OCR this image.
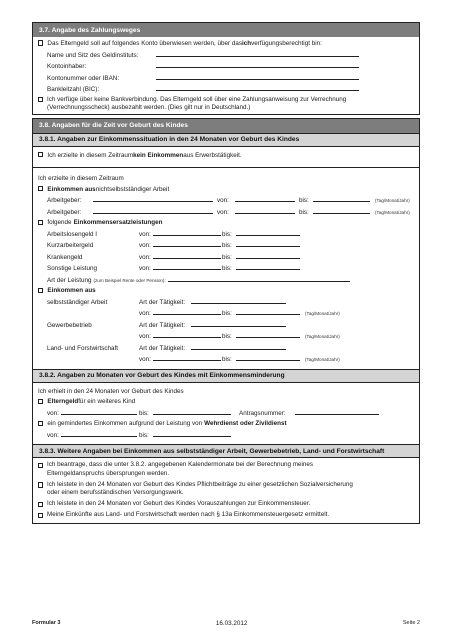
3.7. Angabe des Zahlungsweges
Das Elterngeld soll auf folgendes Konto überwiesen werden, über das ich verfügungsberechtigt bin:
Name und Sitz des Geldinstituts:
Kontoinhaber:
Kontonummer oder IBAN:
Bankleitzahl (BIC):
Ich verfüge über keine Bankverbindung. Das Elterngeld soll über eine Zahlungsanweisung zur Verrechnung
(Verrechnungsscheck) ausbezahlt werden. (Dies gilt nur in Deutschland.)
3.8. Angaben für die Zeit vor Geburt des Kindes
3.8.1. Angaben zur Einkommenssituation in den 24 Monaten vor Geburt des Kindes
Ich erzielte in diesem Zeitraum kein Einkommen aus Erwerbstätigkeit.
Ich erzielte in diesem Zeitraum
Einkommen aus nichtselbstständiger Arbeit
Arbeitgeber:	von:	bis:	(Tag/Monat/Jahr)
Arbeitgeber:	von:	bis:	(Tag/Monat/Jahr)
folgende Einkommensersatzleistungen
Arbeitslosengeld I	von:	bis:
Kurzarbeitergeld	von:	bis:
Krankengeld	von:	bis:
Sonstige Leistung	von:	bis:
Art der Leistung (zum Beispiel Rente oder Pension):
Einkommen aus
selbstständiger Arbeit	Art der Tätigkeit:
von:	bis:	(Tag/Monat/Jahr)
Gewerbebetrieb	Art der Tätigkeit:
von:	bis:	(Tag/Monat/Jahr)
Land- und Forstwirtschaft	Art der Tätigkeit:
von:	bis:	(Tag/Monat/Jahr)
3.8.2. Angaben zu Monaten vor Geburt des Kindes mit Einkommensminderung
Ich erhielt in den 24 Monaten vor Geburt des Kindes
Elterngeld für ein weiteres Kind
von:	bis:	Antragsnummer:
ein gemindertes Einkommen aufgrund der Leistung von Wehrdienst oder Zivildienst
von:	bis:
3.8.3. Weitere Angaben bei Einkommen aus selbstständiger Arbeit, Gewerbebetrieb, Land- und Forstwirtschaft
Ich beantrage, dass die unter 3.8.2. angegebenen Kalendermonate bei der Berechnung meines
Elterngeldanspruchs übersprungen werden.
Ich leistete in den 24 Monaten vor Geburt des Kindes Pflichtbeiträge zu einer gesetzlichen Sozialversicherung
oder einem berufsständischen Versorgungswerk.
Ich leistete in den 24 Monaten vor Geburt des Kindes Vorauszahlungen zur Einkommensteuer.
Meine Einkünfte aus Land- und Forstwirtschaft werden nach § 13a Einkommensteuergesetz ermittelt.
Formular 3	16.03.2012	Seite 2
